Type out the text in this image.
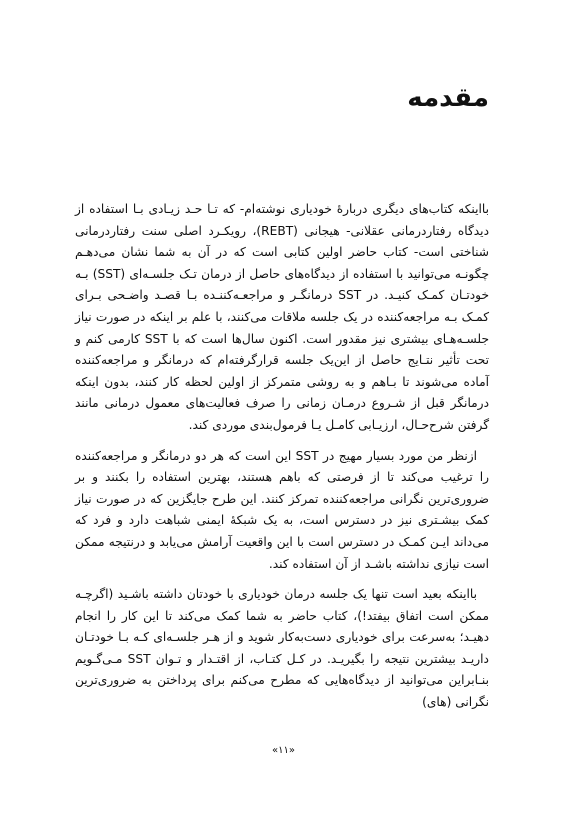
مقدمه

بااینکه کتاب‌های دیگری دربارهٔ خودیاری نوشته‌ام- که تـا حـد زیـادی بـا استفاده از دیدگاه رفتاردرمانی عقلانی- هیجانی (REBT)، رویکـرد اصلی سنت رفتاردرمانی شناختی است- کتاب حاضر اولین کتابی است که در آن به شما نشان می‌دهـم چگونـه می‌توانید با استفاده از دیدگاه‌های حاصل از درمان تـک جلسـه‌ای (SST) بـه خودتـان کمـک کنیـد. در SST درمانگـر و مراجعـه‌کننـده بـا قصـد واضـحی بـرای کمـک بـه مراجعه‌کننده در یک جلسه ملاقات می‌کنند، با علم بر اینکه در صورت نیاز جلسـه‌هـای بیشتری نیز مقدور است. اکنون سال‌ها است که با SST کارمی کنم و تحت تأثیر نتـایج حاصل از این‌یک جلسه قرارگرفته‌ام که درمانگر و مراجعه‌کننده آماده می‌شوند تا بـاهم و به روشی متمرکز از اولین لحظه کار کنند، بدون اینکه درمانگر قبل از شـروع درمـان زمانی را صرف فعالیت‌های معمول درمانی مانند گرفتن شرح‌حـال، ارزیـابی کامـل یـا فرمول‌بندی موردی کند.

ازنظر من مورد بسیار مهیج در SST این است که هر دو درمانگر و مراجعه‌کننده را ترغیب می‌کند تا از فرصتی که باهم هستند، بهترین استفاده را بکنند و بر ضروری‌ترین نگرانی مراجعه‌کننده تمرکز کنند. این طرح جایگزین که در صورت نیاز کمک بیشـتری نیز در دسترس است، به یک شبکهٔ ایمنی شباهت دارد و فرد که می‌داند ایـن کمـک در دسترس است با این واقعیت آرامش می‌یابد و درنتیجه ممکن است نیازی نداشته باشـد از آن استفاده کند.

بااینکه بعید است تنها یک جلسه درمان خودیاری با خودتان داشته باشـید (اگرچـه ممکن است اتفاق بیفتد!)، کتاب حاضر به شما کمک می‌کند تا این کار را انجام دهیـد؛ به‌سرعت برای خودیاری دست‌به‌کار شوید و از هـر جلسـه‌ای کـه بـا خودتـان داریـد بیشترین نتیجه را بگیریـد. در کـل کتـاب، از اقتـدار و تـوان SST مـی‌گـویم بنـابراین می‌توانید از دیدگاه‌هایی که مطرح می‌کنم برای پرداختن به ضروری‌ترین نگرانی (های)

«۱۱»
